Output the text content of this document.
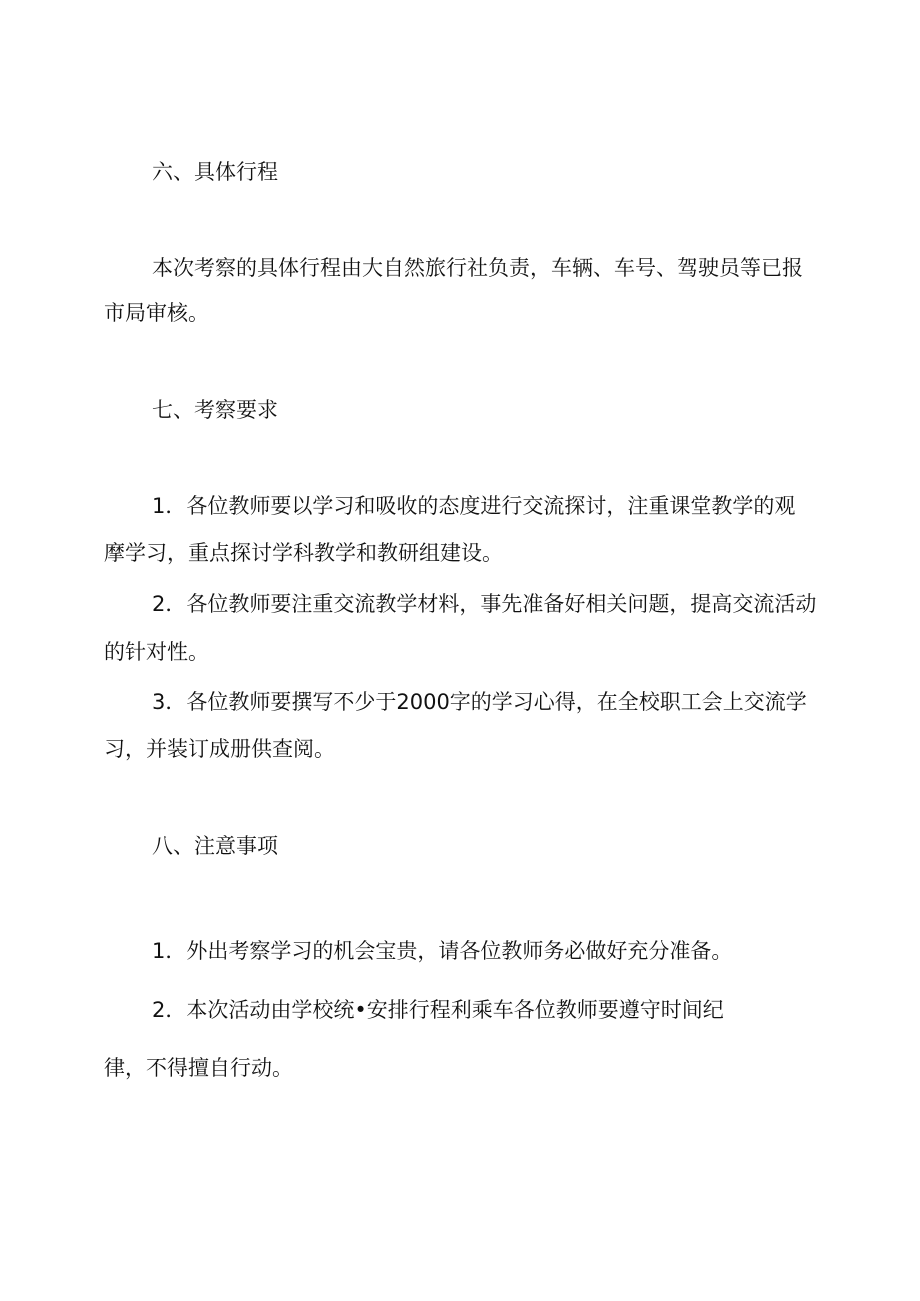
六、具体行程
本次考察的具体行程由大自然旅行社负责，车辆、车号、驾驶员等已报
市局审核。
七、考察要求
1．各位教师要以学习和吸收的态度进行交流探讨，注重课堂教学的观
摩学习，重点探讨学科教学和教研组建设。
2．各位教师要注重交流教学材料，事先准备好相关问题，提高交流活动
的针对性。
3．各位教师要撰写不少于2000字的学习心得，在全校职工会上交流学
习，并装订成册供查阅。
八、注意事项
1．外出考察学习的机会宝贵，请各位教师务必做好充分准备。
2．本次活动由学校统•安排行程利乘车各位教师要遵守时间纪
律，不得擅自行动。
